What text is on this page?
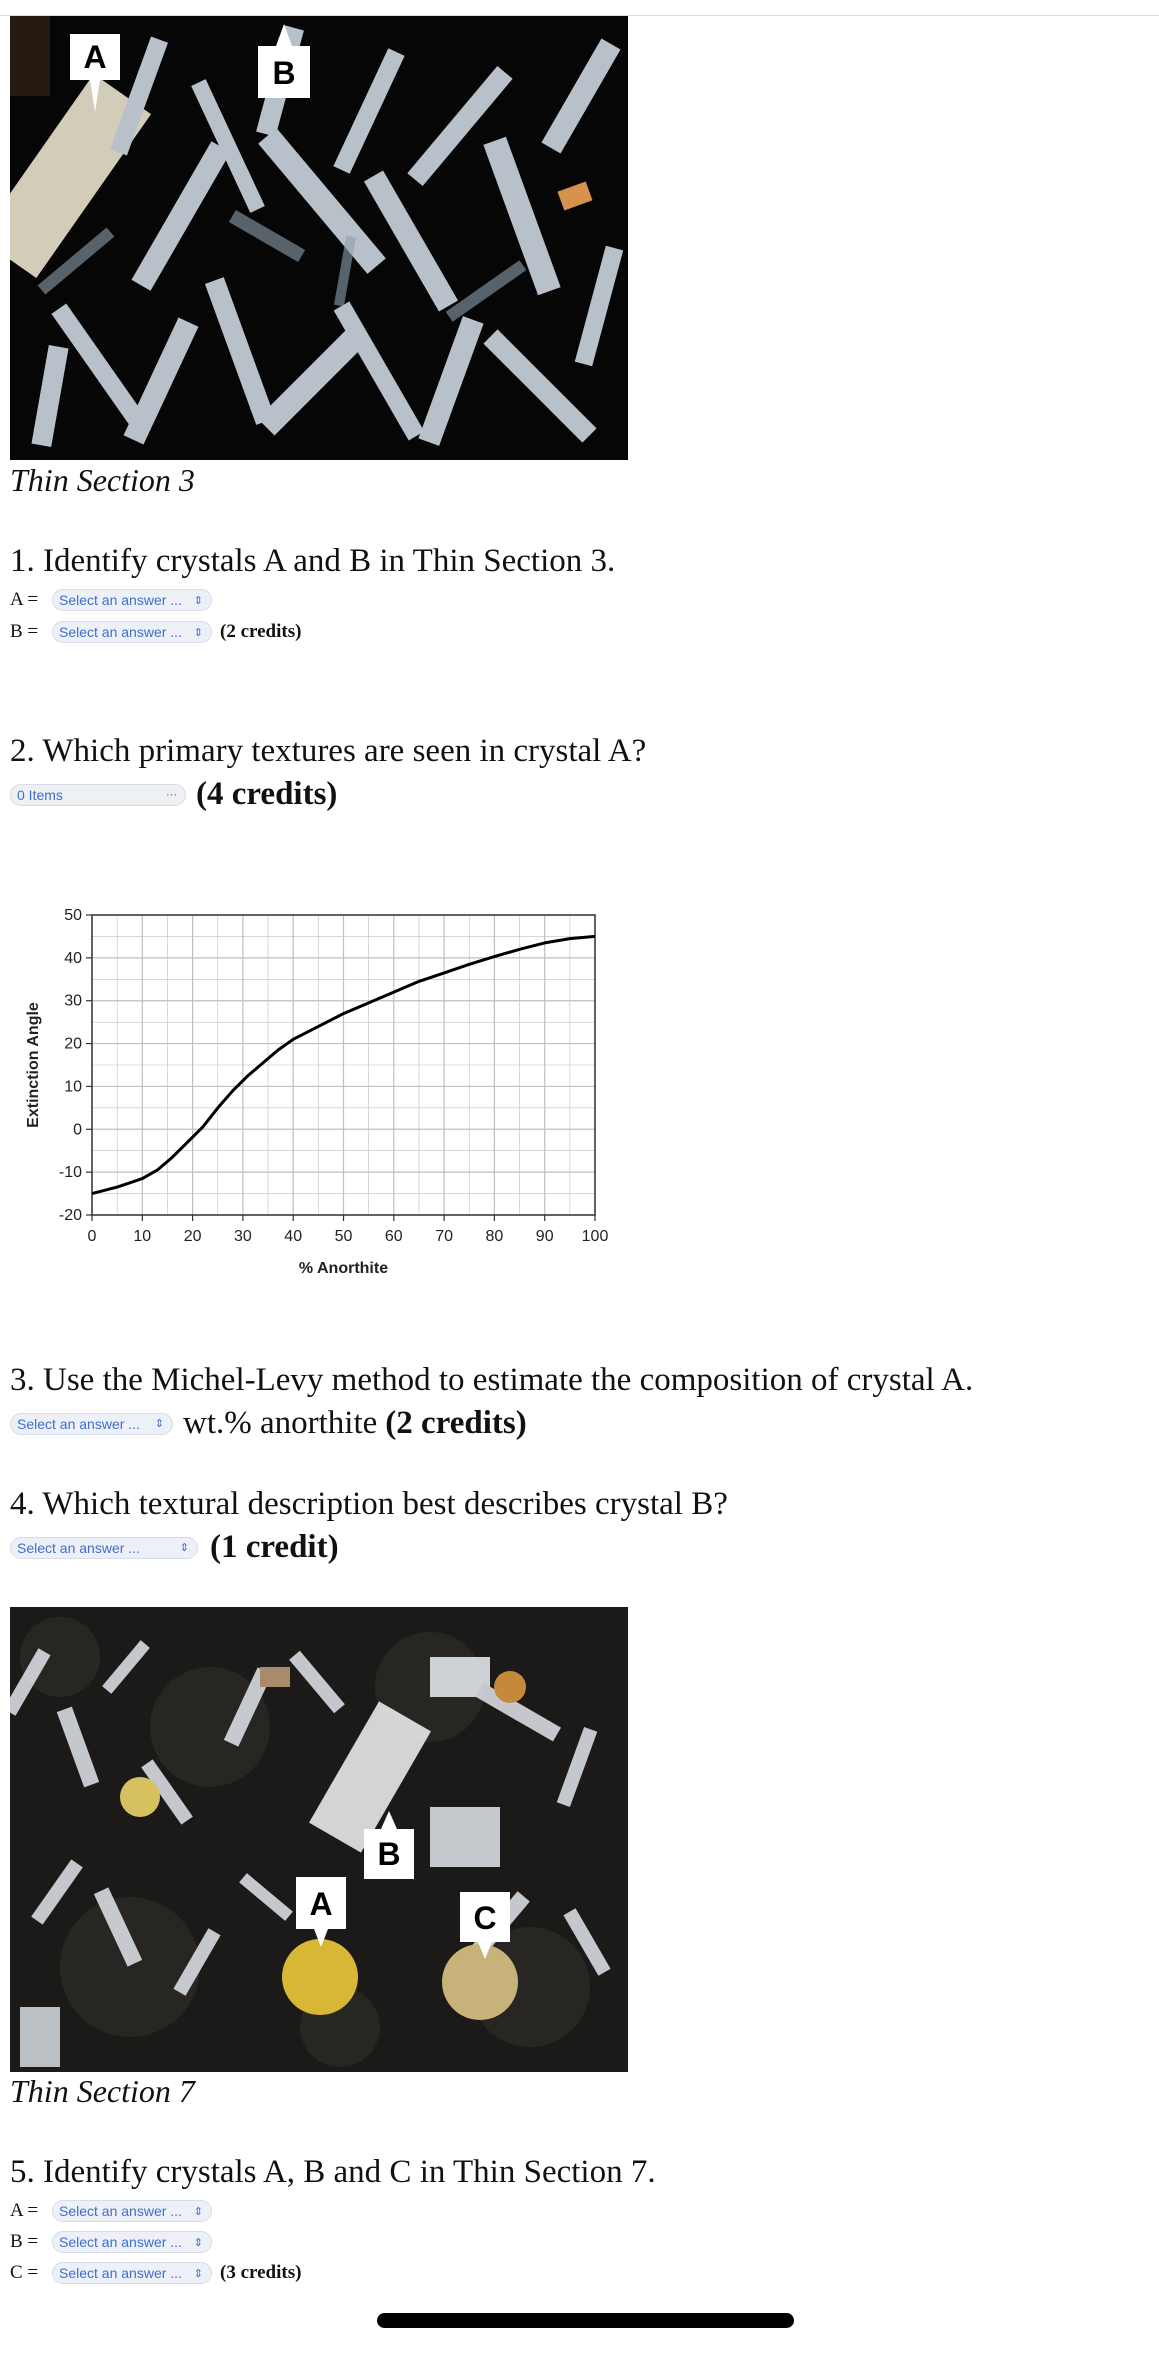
A	B
Thin Section 3
1. Identify crystals A and B in Thin Section 3.
A =	Select an answer ... ⇕
B =	Select an answer ... ⇕ (2 credits)
2. Which primary textures are seen in crystal A?
0 Items	··· (4 credits)
0 10 20 30 40 50 60 70 80 90 100
50
40
30
20
10
0
-10
-20
% Anorthite
Extinction Angle
3. Use the Michel-Levy method to estimate the composition of crystal A.
Select an answer ... ⇕ wt.% anorthite (2 credits)
4. Which textural description best describes crystal B?
Select an answer ...	⇕ (1 credit)
A
B
C
Thin Section 7
5. Identify crystals A, B and C in Thin Section 7.
A =	Select an answer ... ⇕
B =	Select an answer ... ⇕
C =	Select an answer ... ⇕ (3 credits)
